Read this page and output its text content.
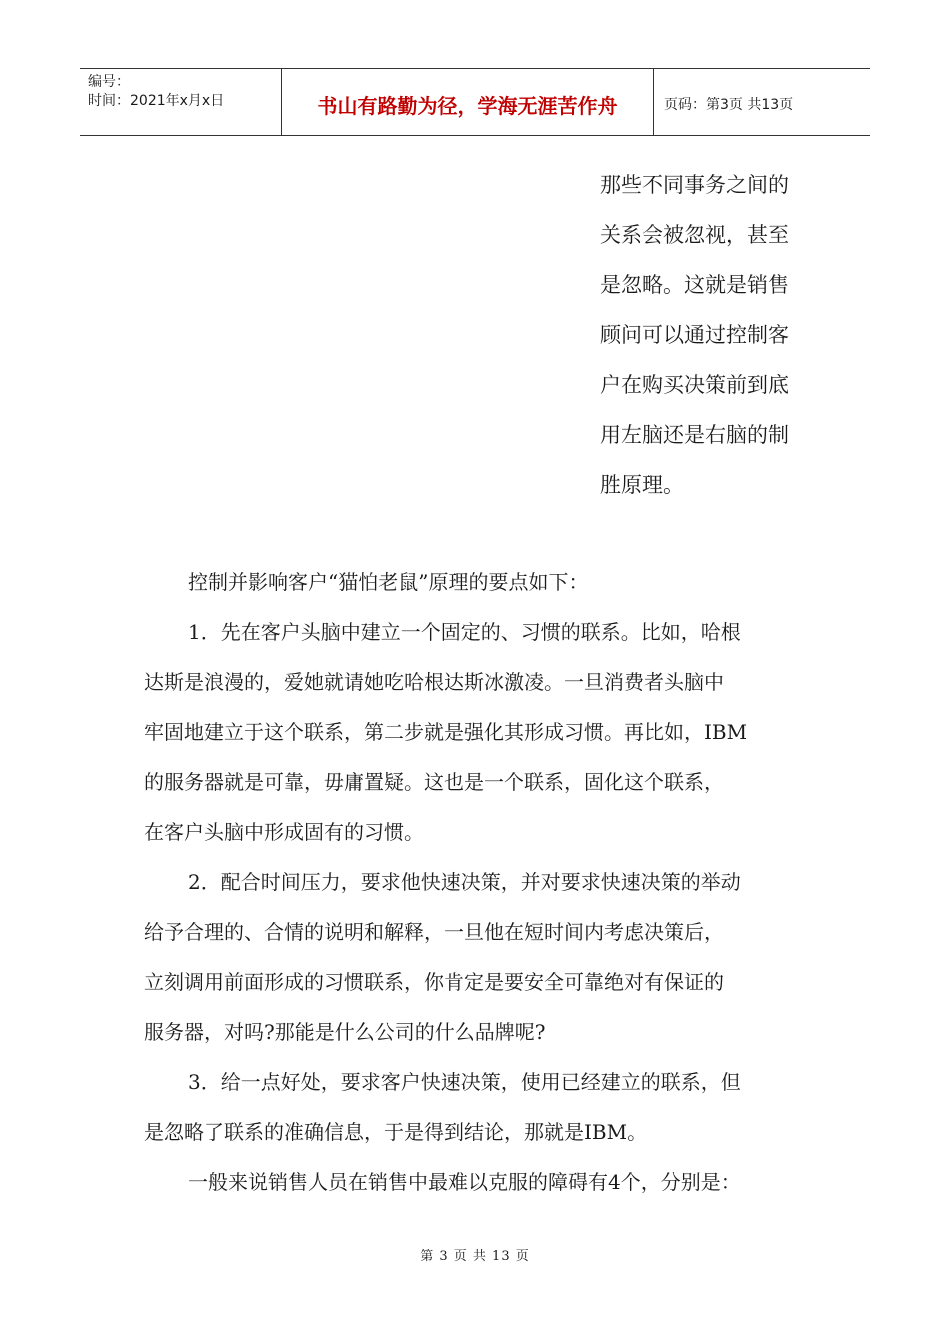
编号：
时间：2021年x月x日	书山有路勤为径，学海无涯苦作舟	页码：第3页 共13页
那些不同事务之间的
关系会被忽视，甚至
是忽略。这就是销售
顾问可以通过控制客
户在购买决策前到底
用左脑还是右脑的制
胜原理。
控制并影响客户“猫怕老鼠”原理的要点如下：
1．先在客户头脑中建立一个固定的、习惯的联系。比如，哈根
达斯是浪漫的，爱她就请她吃哈根达斯冰激凌。一旦消费者头脑中
牢固地建立于这个联系，第二步就是强化其形成习惯。再比如，IBM
的服务器就是可靠，毋庸置疑。这也是一个联系，固化这个联系，
在客户头脑中形成固有的习惯。
2．配合时间压力，要求他快速决策，并对要求快速决策的举动
给予合理的、合情的说明和解释，一旦他在短时间内考虑决策后，
立刻调用前面形成的习惯联系，你肯定是要安全可靠绝对有保证的
服务器，对吗?那能是什么公司的什么品牌呢?
3．给一点好处，要求客户快速决策，使用已经建立的联系，但
是忽略了联系的准确信息，于是得到结论，那就是IBM。
一般来说销售人员在销售中最难以克服的障碍有4个，分别是：
第 3 页 共 13 页
